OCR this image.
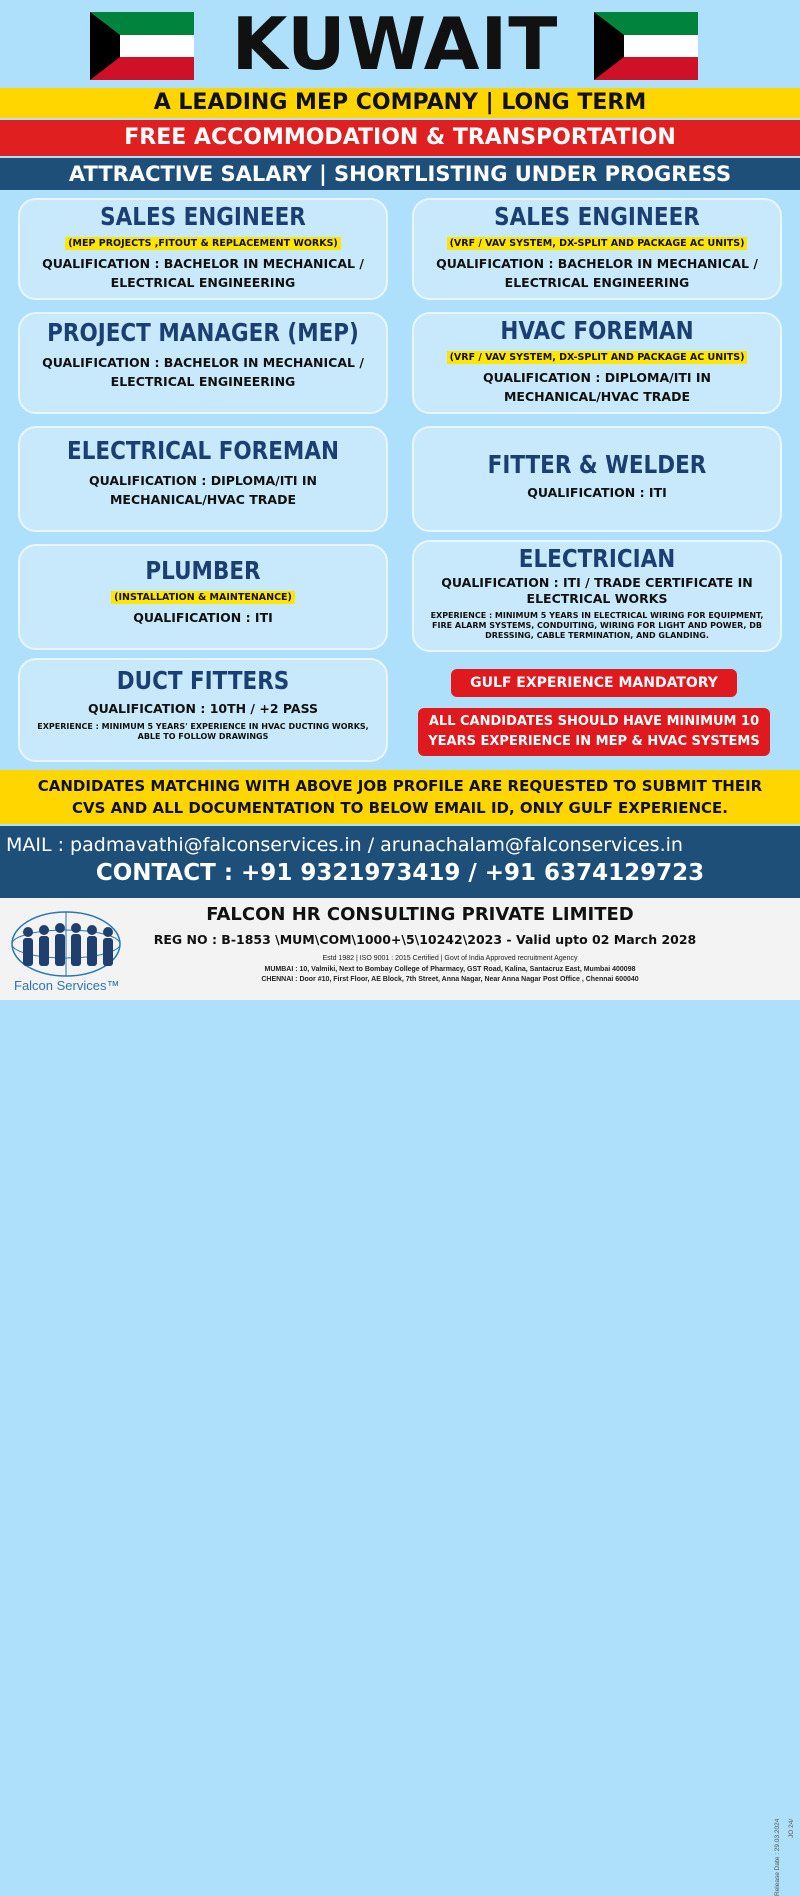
KUWAIT
A LEADING MEP COMPANY | LONG TERM
FREE ACCOMMODATION & TRANSPORTATION
ATTRACTIVE SALARY | SHORTLISTING UNDER PROGRESS
SALES ENGINEER
(MEP PROJECTS ,FITOUT & REPLACEMENT WORKS)
QUALIFICATION : BACHELOR IN MECHANICAL /
ELECTRICAL ENGINEERING
SALES ENGINEER
(VRF / VAV SYSTEM, DX-SPLIT AND PACKAGE AC UNITS)
QUALIFICATION : BACHELOR IN MECHANICAL /
ELECTRICAL ENGINEERING
PROJECT MANAGER (MEP)
QUALIFICATION : BACHELOR IN MECHANICAL /
ELECTRICAL ENGINEERING
HVAC FOREMAN
(VRF / VAV SYSTEM, DX-SPLIT AND PACKAGE AC UNITS)
QUALIFICATION : DIPLOMA/ITI IN
MECHANICAL/HVAC TRADE
ELECTRICAL FOREMAN
QUALIFICATION : DIPLOMA/ITI IN
MECHANICAL/HVAC TRADE
FITTER & WELDER
QUALIFICATION : ITI
PLUMBER
(INSTALLATION & MAINTENANCE)
QUALIFICATION : ITI
ELECTRICIAN
QUALIFICATION : ITI / TRADE CERTIFICATE IN
ELECTRICAL WORKS
EXPERIENCE : MINIMUM 5 YEARS IN ELECTRICAL WIRING FOR EQUIPMENT, FIRE ALARM SYSTEMS, CONDUITING, WIRING FOR LIGHT AND POWER, DB DRESSING, CABLE TERMINATION, AND GLANDING.
DUCT FITTERS
QUALIFICATION : 10TH / +2 PASS
EXPERIENCE : MINIMUM 5 YEARS' EXPERIENCE IN HVAC DUCTING WORKS, ABLE TO FOLLOW DRAWINGS
GULF EXPERIENCE MANDATORY
ALL CANDIDATES SHOULD HAVE MINIMUM 10
YEARS EXPERIENCE IN MEP & HVAC SYSTEMS
CANDIDATES MATCHING WITH ABOVE JOB PROFILE ARE REQUESTED TO SUBMIT THEIR
CVS AND ALL DOCUMENTATION TO BELOW EMAIL ID, ONLY GULF EXPERIENCE.
MAIL : padmavathi@falconservices.in / arunachalam@falconservices.in
CONTACT : +91 9321973419 / +91 6374129723
Falcon Services™
FALCON HR CONSULTING PRIVATE LIMITED
REG NO : B-1853 \MUM\COM\1000+\5\10242\2023 - Valid upto 02 March 2028
Estd 1982 | ISO 9001 : 2015 Certified | Govt of India Approved recruitment Agency
MUMBAI : 10, Valmiki, Next to Bombay College of Pharmacy, GST Road, Kalina, Santacruz East, Mumbai 400098
CHENNAI : Door #10, First Floor, AE Block, 7th Street, Anna Nagar, Near Anna Nagar Post Office , Chennai 600040
Release Date : 29.03.2024 JO 24/
